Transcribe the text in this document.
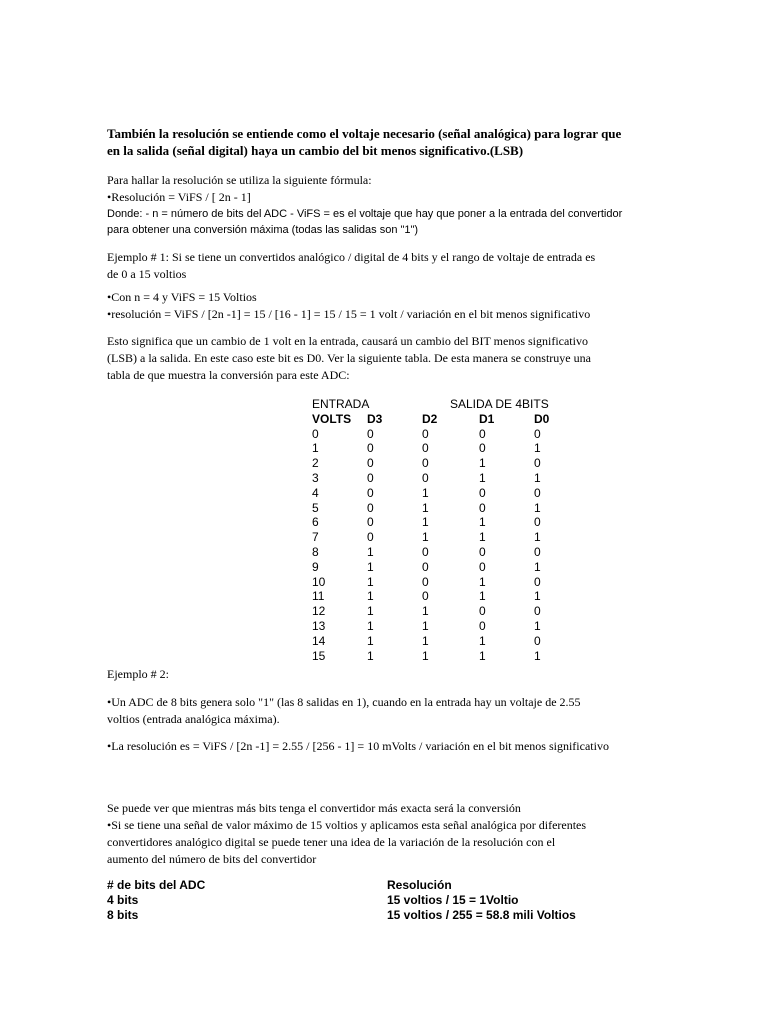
También la resolución se entiende como el voltaje necesario (señal analógica) para lograr que
en la salida (señal digital) haya un cambio del bit menos significativo.(LSB)
Para hallar la resolución se utiliza la siguiente fórmula:
•Resolución = ViFS / [ 2n - 1]
Donde: - n = número de bits del ADC - ViFS = es el voltaje que hay que poner a la entrada del convertidor
para obtener una conversión máxima (todas las salidas son "1")
Ejemplo # 1: Si se tiene un convertidos analógico / digital de 4 bits y el rango de voltaje de entrada es
de 0 a 15 voltios
•Con n = 4 y ViFS = 15 Voltios
•resolución = ViFS / [2n -1] = 15 / [16 - 1] = 15 / 15 = 1 volt / variación en el bit menos significativo
Esto significa que un cambio de 1 volt en la entrada, causará un cambio del BIT menos significativo
(LSB) a la salida. En este caso este bit es D0. Ver la siguiente tabla. De esta manera se construye una
tabla de que muestra la conversión para este ADC:
ENTRADA	SALIDA DE 4BITS
VOLTS D3	D2	D1	D0
0	0	0	0	0
1	0	0	0	1
2	0	0	1	0
3	0	0	1	1
4	0	1	0	0
5	0	1	0	1
6	0	1	1	0
7	0	1	1	1
8	1	0	0	0
9	1	0	0	1
10	1	0	1	0
11	1	0	1	1
12	1	1	0	0
13	1	1	0	1
14	1	1	1	0
15	1	1	1	1
Ejemplo # 2:
•Un ADC de 8 bits genera solo "1" (las 8 salidas en 1), cuando en la entrada hay un voltaje de 2.55
voltios (entrada analógica máxima).
•La resolución es = ViFS / [2n -1] = 2.55 / [256 - 1] = 10 mVolts / variación en el bit menos significativo
Se puede ver que mientras más bits tenga el convertidor más exacta será la conversión
•Si se tiene una señal de valor máximo de 15 voltios y aplicamos esta señal analógica por diferentes
convertidores analógico digital se puede tener una idea de la variación de la resolución con el
aumento del número de bits del convertidor
# de bits del ADC	Resolución
4 bits	15 voltios / 15 = 1Voltio
8 bits	15 voltios / 255 = 58.8 mili Voltios
